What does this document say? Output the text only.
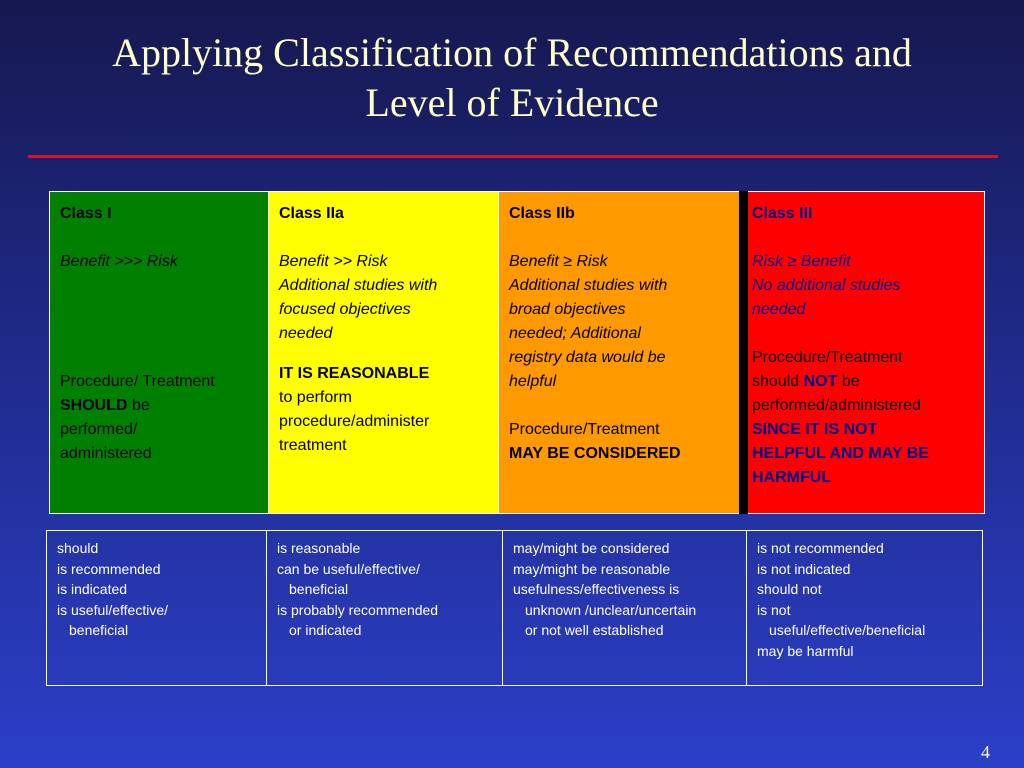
Applying Classification of Recommendations and
Level of Evidence
Class I
Benefit >>> Risk
Procedure/ Treatment
SHOULD be
performed/
administered
Class IIa
Benefit >> Risk
Additional studies with
focused objectives
needed
IT IS REASONABLE
to perform
procedure/administer
treatment
Class IIb
Benefit ≥ Risk
Additional studies with
broad objectives
needed; Additional
registry data would be
helpful
Procedure/Treatment
MAY BE CONSIDERED
Class III
Risk ≥ Benefit
No additional studies
needed
Procedure/Treatment
should NOT be
performed/administered
SINCE IT IS NOT
HELPFUL AND MAY BE
HARMFUL
should
is recommended
is indicated
is useful/effective/
beneficial
is reasonable
can be useful/effective/
beneficial
is probably recommended
or indicated
may/might be considered
may/might be reasonable
usefulness/effectiveness is
unknown /unclear/uncertain
or not well established
is not recommended
is not indicated
should not
is not
useful/effective/beneficial
may be harmful
4
